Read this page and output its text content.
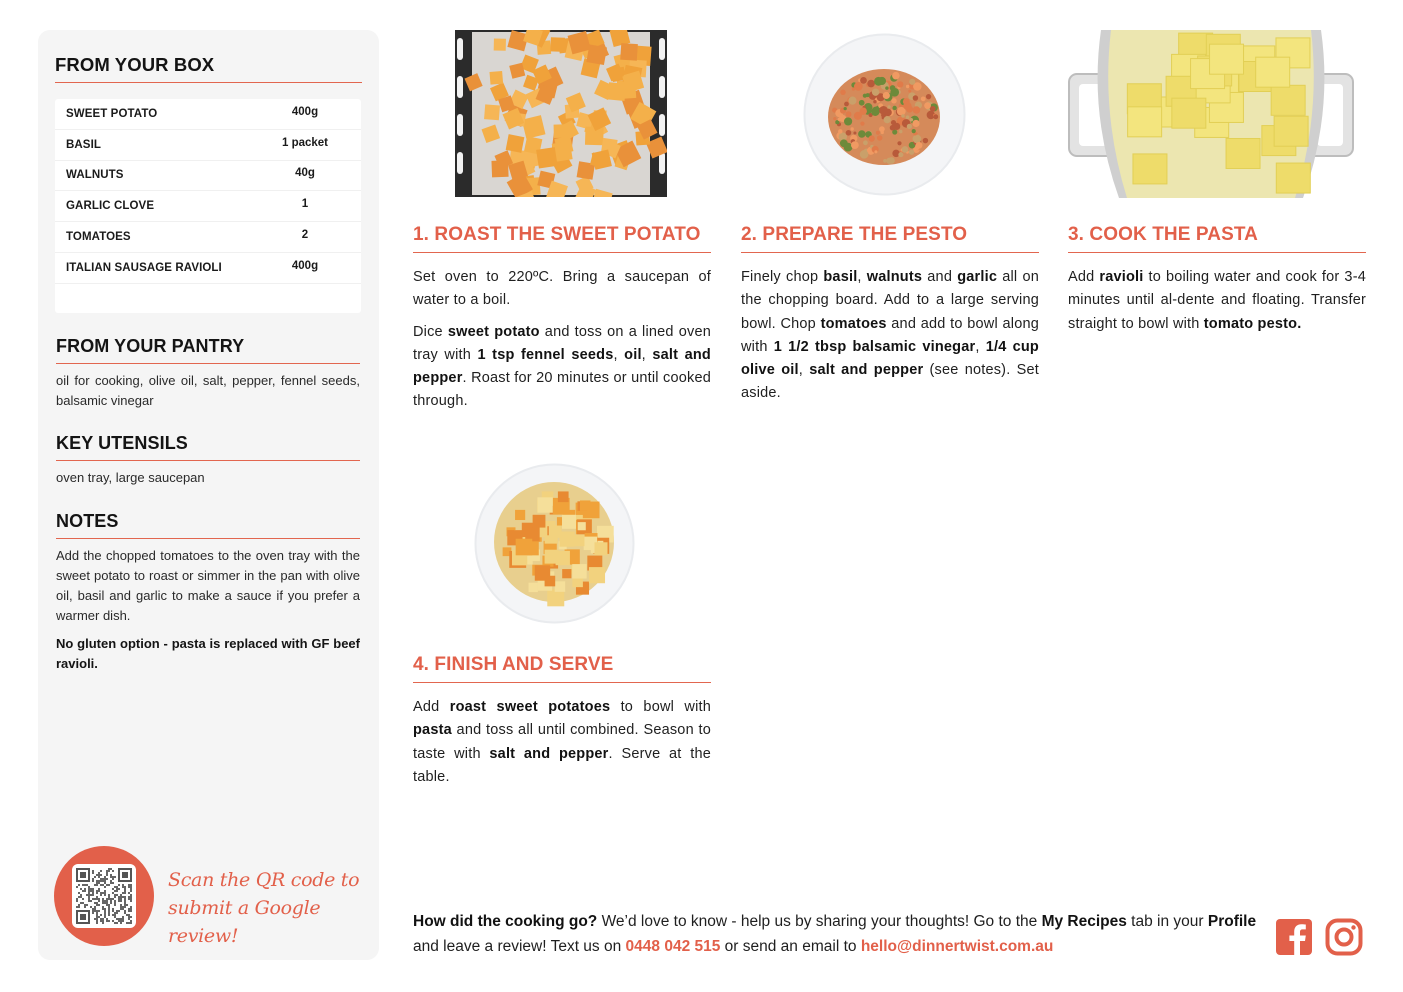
FROM YOUR BOX
SWEET POTATO	400g
BASIL	1 packet
WALNUTS	40g
GARLIC CLOVE	1
TOMATOES	2
ITALIAN SAUSAGE RAVIOLI	400g
FROM YOUR PANTRY
oil for cooking, olive oil, salt, pepper, fennel seeds, balsamic vinegar
KEY UTENSILS
oven tray, large saucepan
NOTES
Add the chopped tomatoes to the oven tray with the sweet potato to roast or simmer in the pan with olive oil, basil and garlic to make a sauce if you prefer a warmer dish.
No gluten option - pasta is replaced with GF beef ravioli.
Scan the QR code to
submit a Google review!
1. ROAST THE SWEET POTATO

Set oven to 220ºC. Bring a saucepan of water to a boil.

Dice sweet potato and toss on a lined oven tray with 1 tsp fennel seeds, oil, salt and pepper. Roast for 20 minutes or until cooked through.

2. PREPARE THE PESTO

Finely chop basil, walnuts and garlic all on the chopping board. Add to a large serving bowl. Chop tomatoes and add to bowl along with 1 1/2 tbsp balsamic vinegar, 1/4 cup olive oil, salt and pepper (see notes). Set aside.

3. COOK THE PASTA

Add ravioli to boiling water and cook for 3-4 minutes until al-dente and floating. Transfer straight to bowl with tomato pesto.

4. FINISH AND SERVE

Add roast sweet potatoes to bowl with pasta and toss all until combined. Season to taste with salt and pepper. Serve at the table.

How did the cooking go? We’d love to know - help us by sharing your thoughts! Go to the My Recipes tab in your Profile and leave a review! Text us on 0448 042 515 or send an email to hello@dinnertwist.com.au
